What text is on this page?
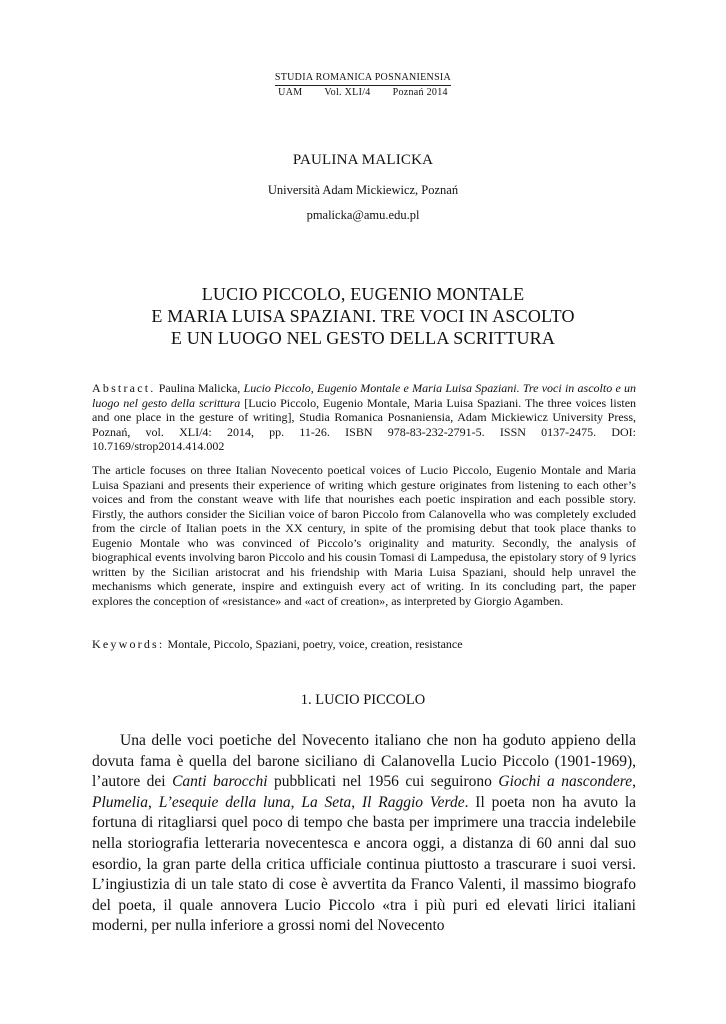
STUDIA ROMANICA POSNANIENSIA
UAM Vol. XLI/4 Poznań 2014
PAULINA MALICKA
Università Adam Mickiewicz, Poznań
pmalicka@amu.edu.pl
LUCIO PICCOLO, EUGENIO MONTALE
E MARIA LUISA SPAZIANI. TRE VOCI IN ASCOLTO
E UN LUOGO NEL GESTO DELLA SCRITTURA

Abstract. Paulina Malicka, Lucio Piccolo, Eugenio Montale e Maria Luisa Spaziani. Tre voci in ascolto e un luogo nel gesto della scrittura [Lucio Piccolo, Eugenio Montale, Maria Luisa Spaziani. The three voices listen and one place in the gesture of writing], Studia Romanica Posnaniensia, Adam Mickiewicz University Press, Poznań, vol. XLI/4: 2014, pp. 11-26. ISBN 978-83-232-2791-5. ISSN 0137-2475. DOI: 10.7169/strop2014.414.002

The article focuses on three Italian Novecento poetical voices of Lucio Piccolo, Eugenio Montale and Maria Luisa Spaziani and presents their experience of writing which gesture originates from listening to each other’s voices and from the constant weave with life that nourishes each poetic inspiration and each possible story. Firstly, the authors consider the Sicilian voice of baron Piccolo from Calanovella who was completely excluded from the circle of Italian poets in the XX century, in spite of the promising debut that took place thanks to Eugenio Montale who was convinced of Piccolo’s originality and maturity. Secondly, the analysis of biographical events involving baron Piccolo and his cousin Tomasi di Lampedusa, the epistolary story of 9 lyrics written by the Sicilian aristocrat and his friendship with Maria Luisa Spaziani, should help unravel the mechanisms which generate, inspire and extinguish every act of writing. In its concluding part, the paper explores the conception of «resistance» and «act of creation», as interpreted by Giorgio Agamben.

Keywords: Montale, Piccolo, Spaziani, poetry, voice, creation, resistance

1. LUCIO PICCOLO

Una delle voci poetiche del Novecento italiano che non ha goduto appieno della dovuta fama è quella del barone siciliano di Calanovella Lucio Piccolo (1901-1969), l’autore dei Canti barocchi pubblicati nel 1956 cui seguirono Giochi a nascondere, Plumelia, L’esequie della luna, La Seta, Il Raggio Verde. Il poeta non ha avuto la fortuna di ritagliarsi quel poco di tempo che basta per imprimere una traccia indelebile nella storiografia letteraria novecentesca e ancora oggi, a distanza di 60 anni dal suo esordio, la gran parte della critica ufficiale continua piuttosto a trascurare i suoi versi. L’ingiustizia di un tale stato di cose è avvertita da Franco Valenti, il massimo biografo del poeta, il quale annovera Lucio Piccolo «tra i più puri ed elevati lirici italiani moderni, per nulla inferiore a grossi nomi del Novecento
